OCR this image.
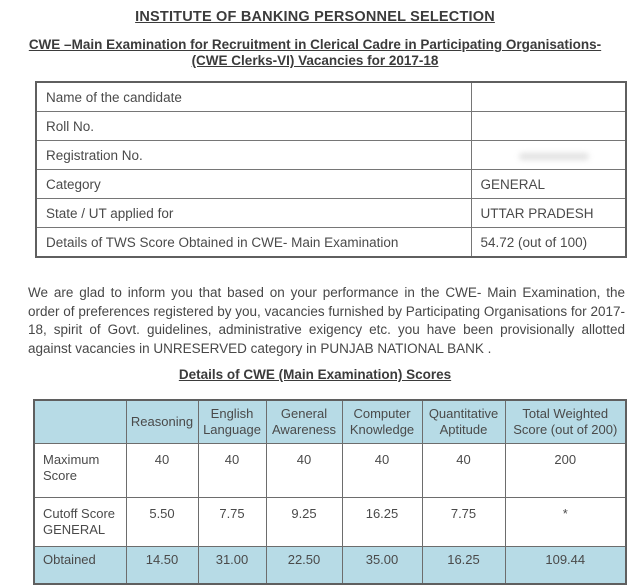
INSTITUTE OF BANKING PERSONNEL SELECTION
CWE –Main Examination for Recruitment in Clerical Cadre in Participating Organisations-
(CWE Clerks-VI) Vacancies for 2017-18
Name of the candidate	
Roll No.	
Registration No.	
Category	GENERAL
State / UT applied for	UTTAR PRADESH
Details of TWS Score Obtained in CWE- Main Examination	54.72 (out of 100)

We are glad to inform you that based on your performance in the CWE- Main Examination, the order of preferences registered by you, vacancies furnished by Participating Organisations for 2017-18, spirit of Govt. guidelines, administrative exigency etc. you have been provisionally allotted against vacancies in UNRESERVED category in PUNJAB NATIONAL BANK .

Details of CWE (Main Examination) Scores
	Reasoning	English Language	General Awareness	Computer Knowledge	Quantitative Aptitude	Total Weighted Score (out of 200)
Maximum Score	40	40	40	40	40	200
Cutoff Score GENERAL	5.50	7.75	9.25	16.25	7.75	*
Obtained	14.50	31.00	22.50	35.00	16.25	109.44
